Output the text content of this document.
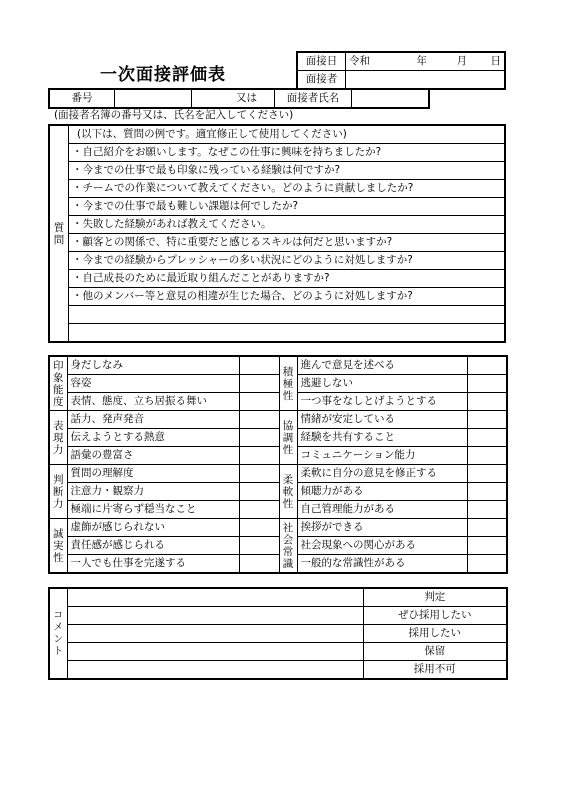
一次面接評価表
面接日	令和 年 月 日
面接者	
番号		又は		面接者氏名	
(面接者名簿の番号又は、氏名を記入してください)
質問	(以下は、質問の例です。適宜修正して使用してください)
・自己紹介をお願いします。なぜこの仕事に興味を持ちましたか?
・今までの仕事で最も印象に残っている経験は何ですか?
・チームでの作業について教えてください。どのように貢献しましたか?
・今までの仕事で最も難しい課題は何でしたか?
・失敗した経験があれば教えてください。
・顧客との関係で、特に重要だと感じるスキルは何だと思いますか?
・今までの経験からプレッシャーの多い状況にどのように対処しますか?
・自己成長のために最近取り組んだことがありますか?
・他のメンバー等と意見の相違が生じた場合、どのように対処しますか?

印象能度	身だしなみ		積極性	進んで意見を述べる	
	容姿			逃避しない	
	表情、態度、立ち居振る舞い			一つ事をなしとげようとする	
表現力	話力、発声発音		協調性	情緒が安定している	
	伝えようとする熱意			経験を共有すること	
	語彙の豊富さ			コミュニケーション能力	
判断力	質問の理解度		柔軟性	柔軟に自分の意見を修正する	
	注意力・観察力			傾聴力がある	
	極端に片寄らず穏当なこと			自己管理能力がある	
誠実性	虚飾が感じられない		社会常識	挨拶ができる	
	責任感が感じられる			社会現象への関心がある	
	一人でも仕事を完遂する			一般的な常識性がある	
コメント		判定
		ぜひ採用したい
		採用したい
		保留
		採用不可
